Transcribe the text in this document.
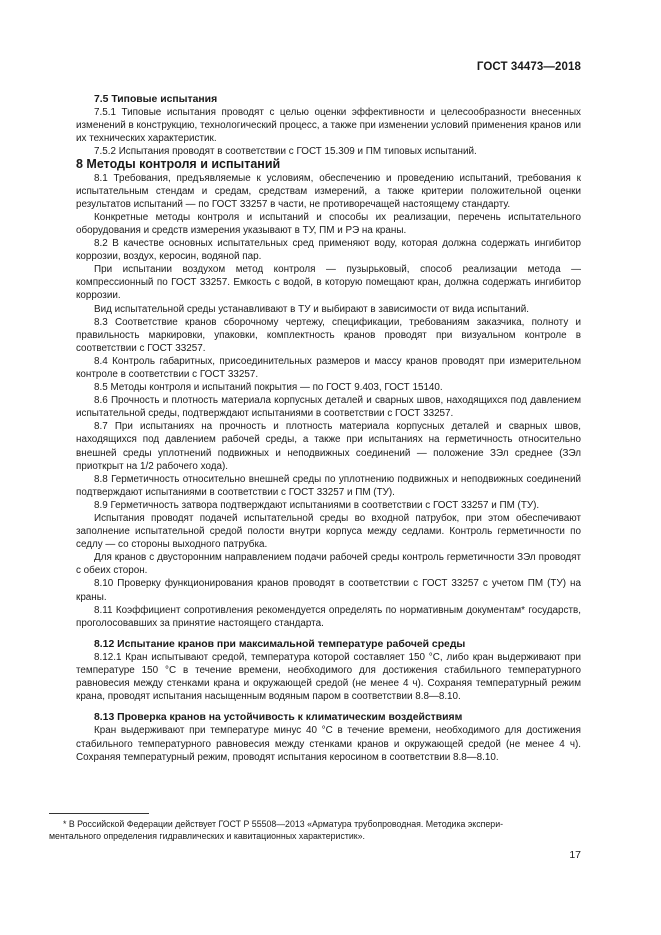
ГОСТ 34473—2018

7.5 Типовые испытания

7.5.1 Типовые испытания проводят с целью оценки эффективности и целесообразности внесенных изменений в конструкцию, технологический процесс, а также при изменении условий применения кранов или их технических характеристик.

7.5.2 Испытания проводят в соответствии с ГОСТ 15.309 и ПМ типовых испытаний.

8 Методы контроля и испытаний

8.1 Требования, предъявляемые к условиям, обеспечению и проведению испытаний, требования к испытательным стендам и средам, средствам измерений, а также критерии положительной оценки результатов испытаний — по ГОСТ 33257 в части, не противоречащей настоящему стандарту.

Конкретные методы контроля и испытаний и способы их реализации, перечень испытательного оборудования и средств измерения указывают в ТУ, ПМ и РЭ на краны.

8.2 В качестве основных испытательных сред применяют воду, которая должна содержать ингибитор коррозии, воздух, керосин, водяной пар.

При испытании воздухом метод контроля — пузырьковый, способ реализации метода — компрессионный по ГОСТ 33257. Емкость с водой, в которую помещают кран, должна содержать ингибитор коррозии.

Вид испытательной среды устанавливают в ТУ и выбирают в зависимости от вида испытаний.

8.3 Соответствие кранов сборочному чертежу, спецификации, требованиям заказчика, полноту и правильность маркировки, упаковки, комплектность кранов проводят при визуальном контроле в соответствии с ГОСТ 33257.

8.4 Контроль габаритных, присоединительных размеров и массу кранов проводят при измерительном контроле в соответствии с ГОСТ 33257.

8.5 Методы контроля и испытаний покрытия — по ГОСТ 9.403, ГОСТ 15140.

8.6 Прочность и плотность материала корпусных деталей и сварных швов, находящихся под давлением испытательной среды, подтверждают испытаниями в соответствии с ГОСТ 33257.

8.7 При испытаниях на прочность и плотность материала корпусных деталей и сварных швов, находящихся под давлением рабочей среды, а также при испытаниях на герметичность относительно внешней среды уплотнений подвижных и неподвижных соединений — положение ЗЭл среднее (ЗЭл приоткрыт на 1/2 рабочего хода).

8.8 Герметичность относительно внешней среды по уплотнению подвижных и неподвижных соединений подтверждают испытаниями в соответствии с ГОСТ 33257 и ПМ (ТУ).

8.9 Герметичность затвора подтверждают испытаниями в соответствии с ГОСТ 33257 и ПМ (ТУ).

Испытания проводят подачей испытательной среды во входной патрубок, при этом обеспечивают заполнение испытательной средой полости внутри корпуса между седлами. Контроль герметичности по седлу — со стороны выходного патрубка.

Для кранов с двусторонним направлением подачи рабочей среды контроль герметичности ЗЭл проводят с обеих сторон.

8.10 Проверку функционирования кранов проводят в соответствии с ГОСТ 33257 с учетом ПМ (ТУ) на краны.

8.11 Коэффициент сопротивления рекомендуется определять по нормативным документам* государств, проголосовавших за принятие настоящего стандарта.

8.12 Испытание кранов при максимальной температуре рабочей среды

8.12.1 Кран испытывают средой, температура которой составляет 150 °С, либо кран выдерживают при температуре 150 °С в течение времени, необходимого для достижения стабильного температурного равновесия между стенками крана и окружающей средой (не менее 4 ч). Сохраняя температурный режим крана, проводят испытания насыщенным водяным паром в соответствии 8.8—8.10.

8.13 Проверка кранов на устойчивость к климатическим воздействиям

Кран выдерживают при температуре минус 40 °С в течение времени, необходимого для достижения стабильного температурного равновесия между стенками кранов и окружающей средой (не менее 4 ч). Сохраняя температурный режим, проводят испытания керосином в соответствии 8.8—8.10.

* В Российской Федерации действует ГОСТ Р 55508—2013 «Арматура трубопроводная. Методика экспери-
ментального определения гидравлических и кавитационных характеристик».
17
